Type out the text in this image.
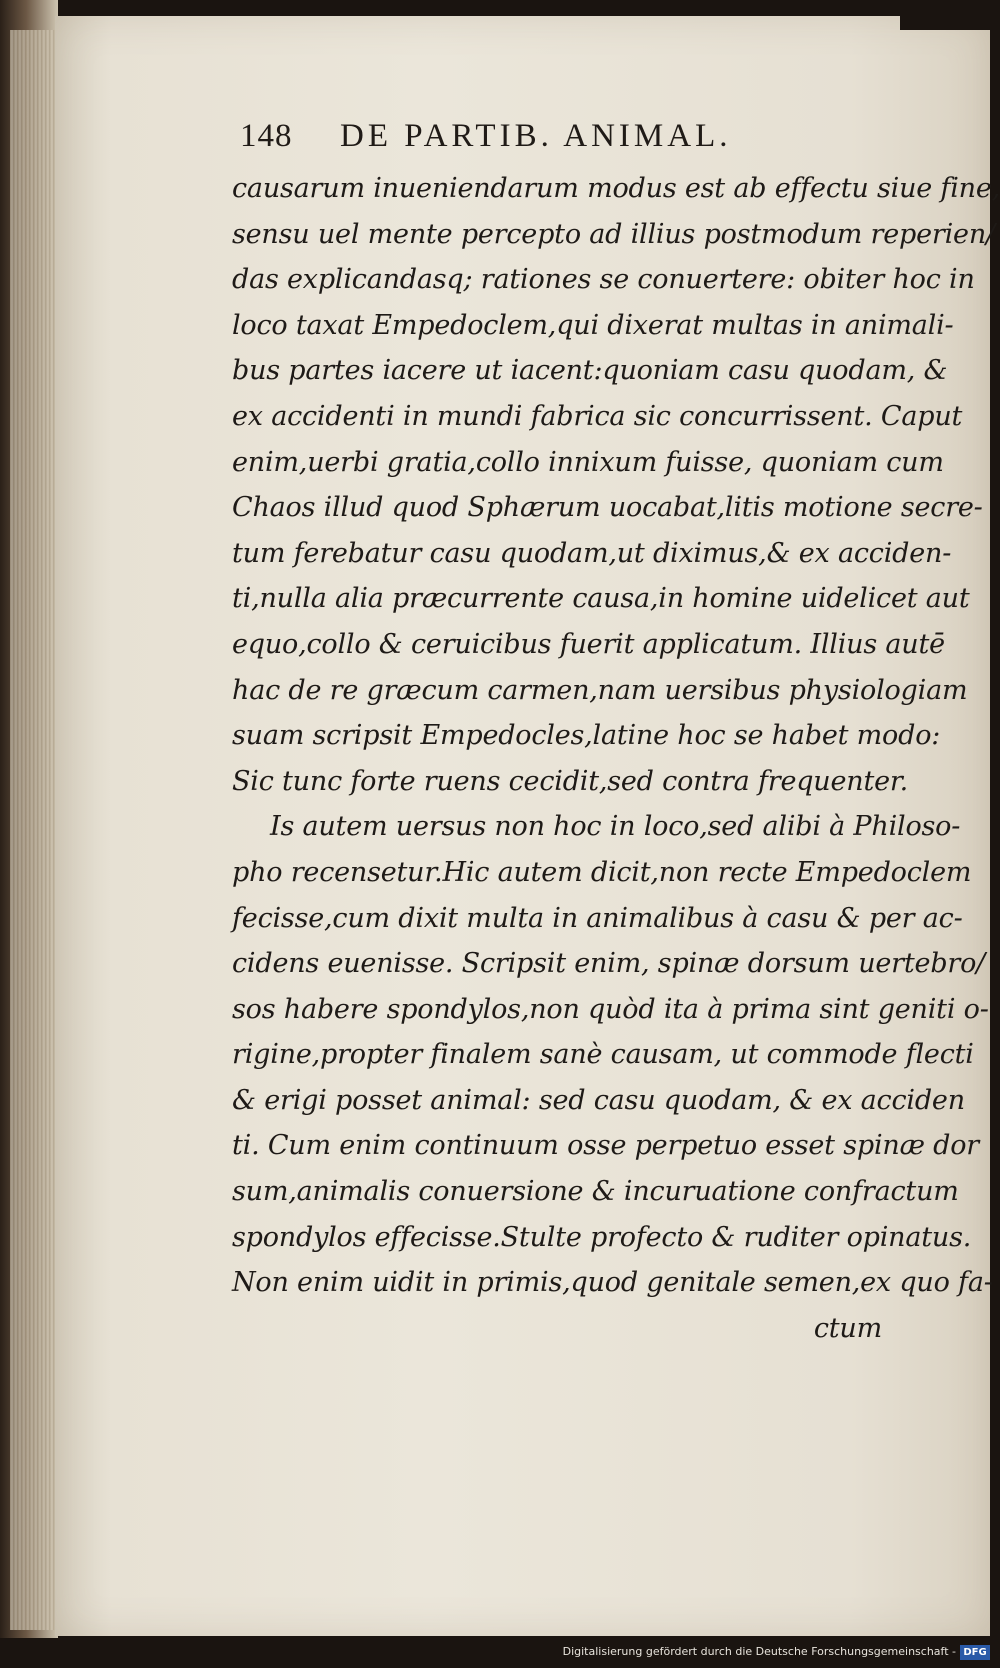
148	DE PARTIB. ANIMAL.
causarum inueniendarum modus est ab effectu siue fine,
sensu uel mente percepto ad illius postmodum reperien/
das explicandasq; rationes se conuertere: obiter hoc in
loco taxat Empedoclem,qui dixerat multas in animali-
bus partes iacere ut iacent:quoniam casu quodam, &
ex accidenti in mundi fabrica sic concurrissent. Caput
enim,uerbi gratia,collo innixum fuisse, quoniam cum
Chaos illud quod Sphærum uocabat,litis motione secre-
tum ferebatur casu quodam,ut diximus,& ex acciden-
ti,nulla alia præcurrente causa,in homine uidelicet aut
equo,collo & ceruicibus fuerit applicatum. Illius autē
hac de re græcum carmen,nam uersibus physiologiam
suam scripsit Empedocles,latine hoc se habet modo:
Sic tunc forte ruens cecidit,sed contra frequenter.
Is autem uersus non hoc in loco,sed alibi à Philoso-
pho recensetur.Hic autem dicit,non recte Empedoclem
fecisse,cum dixit multa in animalibus à casu & per ac-
cidens euenisse. Scripsit enim, spinæ dorsum uertebro/
sos habere spondylos,non quòd ita à prima sint geniti o-
rigine,propter finalem sanè causam, ut commode flecti
& erigi posset animal: sed casu quodam, & ex acciden
ti. Cum enim continuum osse perpetuo esset spinæ dor
sum,animalis conuersione & incuruatione confractum
spondylos effecisse.Stulte profecto & ruditer opinatus.
Non enim uidit in primis,quod genitale semen,ex quo fa-
ctum
Digitalisierung gefördert durch die Deutsche Forschungsgemeinschaft - DFG
